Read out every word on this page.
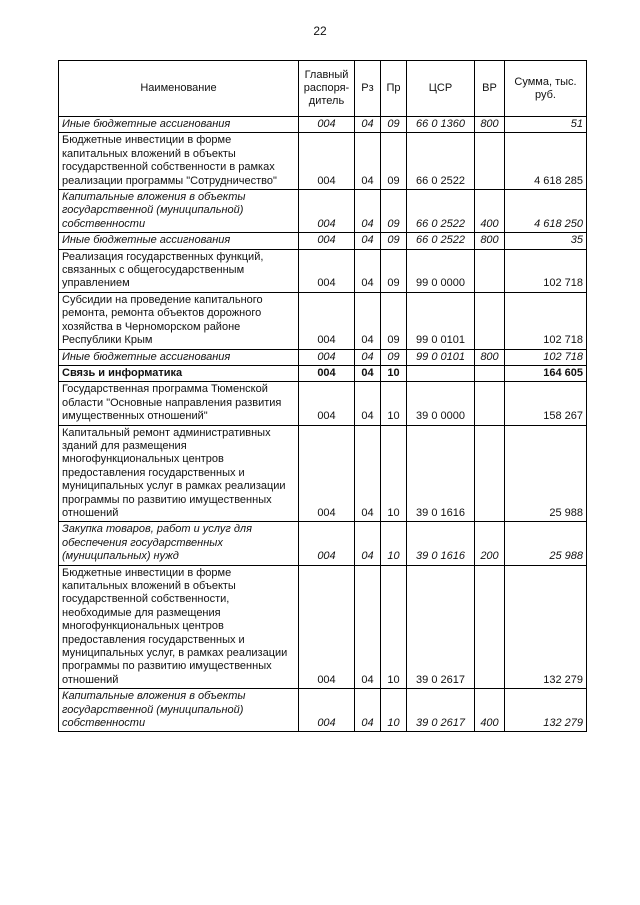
22
Наименование	Главный распоря-дитель	Рз	Пр	ЦСР	ВР	Сумма, тыс. руб.
Иные бюджетные ассигнования	004	04	09	66 0 1360	800	51
Бюджетные инвестиции в форме капитальных вложений в объекты государственной собственности в рамках реализации программы "Сотрудничество"	004	04	09	66 0 2522		4 618 285
Капитальные вложения в объекты государственной (муниципальной) собственности	004	04	09	66 0 2522	400	4 618 250
Иные бюджетные ассигнования	004	04	09	66 0 2522	800	35
Реализация государственных функций, связанных с общегосударственным управлением	004	04	09	99 0 0000		102 718
Субсидии на проведение капитального ремонта, ремонта объектов дорожного хозяйства в Черноморском районе Республики Крым	004	04	09	99 0 0101		102 718
Иные бюджетные ассигнования	004	04	09	99 0 0101	800	102 718
Связь и информатика	004	04	10			164 605
Государственная программа Тюменской области "Основные направления развития имущественных отношений"	004	04	10	39 0 0000		158 267
Капитальный ремонт административных зданий для размещения многофункциональных центров предоставления государственных и муниципальных услуг в рамках реализации программы по развитию имущественных отношений	004	04	10	39 0 1616		25 988
Закупка товаров, работ и услуг для обеспечения государственных (муниципальных) нужд	004	04	10	39 0 1616	200	25 988
Бюджетные инвестиции в форме капитальных вложений в объекты государственной собственности, необходимые для размещения многофункциональных центров предоставления государственных и муниципальных услуг, в рамках реализации программы по развитию имущественных отношений	004	04	10	39 0 2617		132 279
Капитальные вложения в объекты государственной (муниципальной) собственности	004	04	10	39 0 2617	400	132 279
